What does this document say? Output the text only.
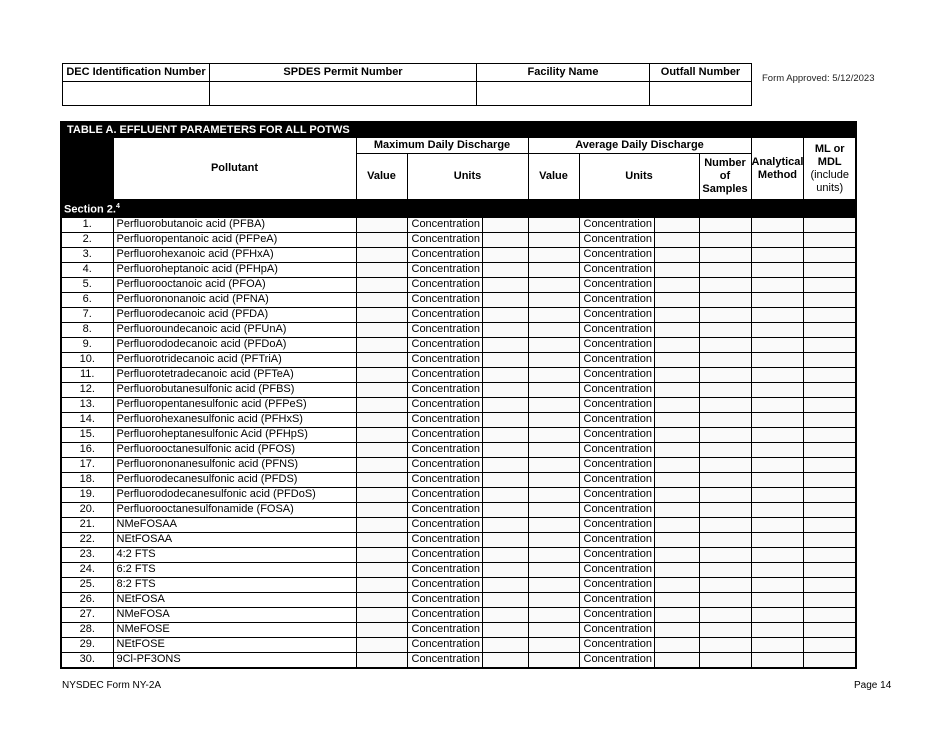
DEC Identification Number	SPDES Permit Number	Facility Name	Outfall Number

Form Approved: 5/12/2023
TABLE A. EFFLUENT PARAMETERS FOR ALL POTWS								
	Pollutant	Maximum Daily Discharge		Average Daily Discharge			Analytical Method	ML or
MDL
(include units)

		Value	Units	Value	Units	Number of Samples		
Section 2.$^4$	
1.	Perfluorobutanoic acid (PFBA)		Concentration		Concentration			

2.	Perfluoropentanoic acid (PFPeA)		Concentration		Concentration			

3.	Perfluorohexanoic acid (PFHxA)		Concentration		Concentration			

4.	Perfluoroheptanoic acid (PFHpA)		Concentration		Concentration			

5.	Perfluorooctanoic acid (PFOA)		Concentration		Concentration			

6.	Perfluorononanoic acid (PFNA)		Concentration		Concentration			

7.	Perfluorodecanoic acid (PFDA)		Concentration		Concentration			

8.	Perfluoroundecanoic acid (PFUnA)		Concentration		Concentration			

9.	Perfluorododecanoic acid (PFDoA)		Concentration		Concentration			

10.	Perfluorotridecanoic acid (PFTriA)		Concentration		Concentration			

11.	Perfluorotetradecanoic acid (PFTeA)		Concentration		Concentration			

12.	Perfluorobutanesulfonic acid (PFBS)		Concentration		Concentration			

13.	Perfluoropentanesulfonic acid (PFPeS)		Concentration		Concentration			

14.	Perfluorohexanesulfonic acid (PFHxS)		Concentration		Concentration			

15.	Perfluoroheptanesulfonic Acid (PFHpS)		Concentration		Concentration			

16.	Perfluorooctanesulfonic acid (PFOS)		Concentration		Concentration			

17.	Perfluorononanesulfonic acid (PFNS)		Concentration		Concentration			

18.	Perfluorodecanesulfonic acid (PFDS)		Concentration		Concentration			

19.	Perfluorododecanesulfonic acid (PFDoS)		Concentration		Concentration			

20.	Perfluorooctanesulfonamide (FOSA)		Concentration		Concentration			

21.	NMeFOSAA		Concentration		Concentration			

22.	NEtFOSAA		Concentration		Concentration			

23.	4:2 FTS		Concentration		Concentration			

24.	6:2 FTS		Concentration		Concentration			

25.	8:2 FTS		Concentration		Concentration			

26.	NEtFOSA		Concentration		Concentration			

27.	NMeFOSA		Concentration		Concentration			

28.	NMeFOSE		Concentration		Concentration			

29.	NEtFOSE		Concentration		Concentration			

30.	9Cl-PF3ONS		Concentration		Concentration			

NYSDEC Form NY-2A	Page 14
